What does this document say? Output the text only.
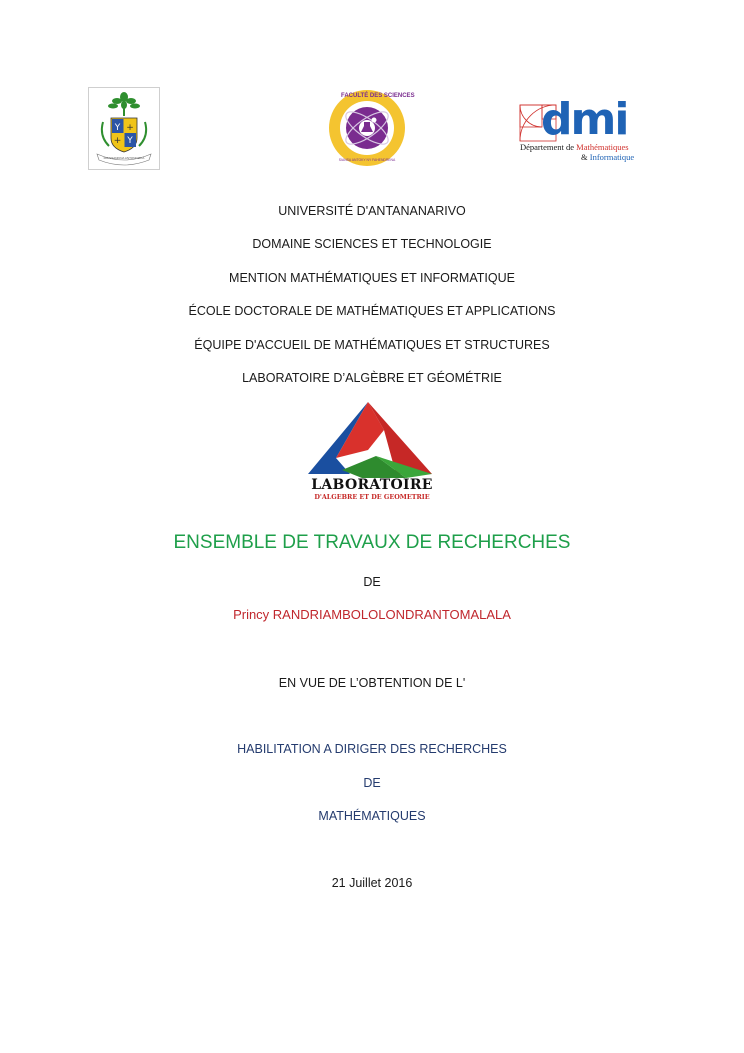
Y +
+ Y
FIRAISANKINA ANTONOZIKA
FACULTÉ DES SCIENCES
SIANSA ANTOKY NY FAHENDRENA
dmi
Département de Mathématiques
& Informatique
UNIVERSITÉ D'ANTANANARIVO
DOMAINE SCIENCES ET TECHNOLOGIE
MENTION MATHÉMATIQUES ET INFORMATIQUE
ÉCOLE DOCTORALE DE MATHÉMATIQUES ET APPLICATIONS
ÉQUIPE D'ACCUEIL DE MATHÉMATIQUES ET STRUCTURES
LABORATOIRE D’ALGÈBRE ET GÉOMÉTRIE
LABORATOIRE
D'ALGEBRE ET DE GEOMETRIE
ENSEMBLE DE TRAVAUX DE RECHERCHES
DE
Princy RANDRIAMBOLOLONDRANTOMALALA
EN VUE DE L’OBTENTION DE L'
HABILITATION A DIRIGER DES RECHERCHES
DE
MATHÉMATIQUES
21 Juillet 2016
